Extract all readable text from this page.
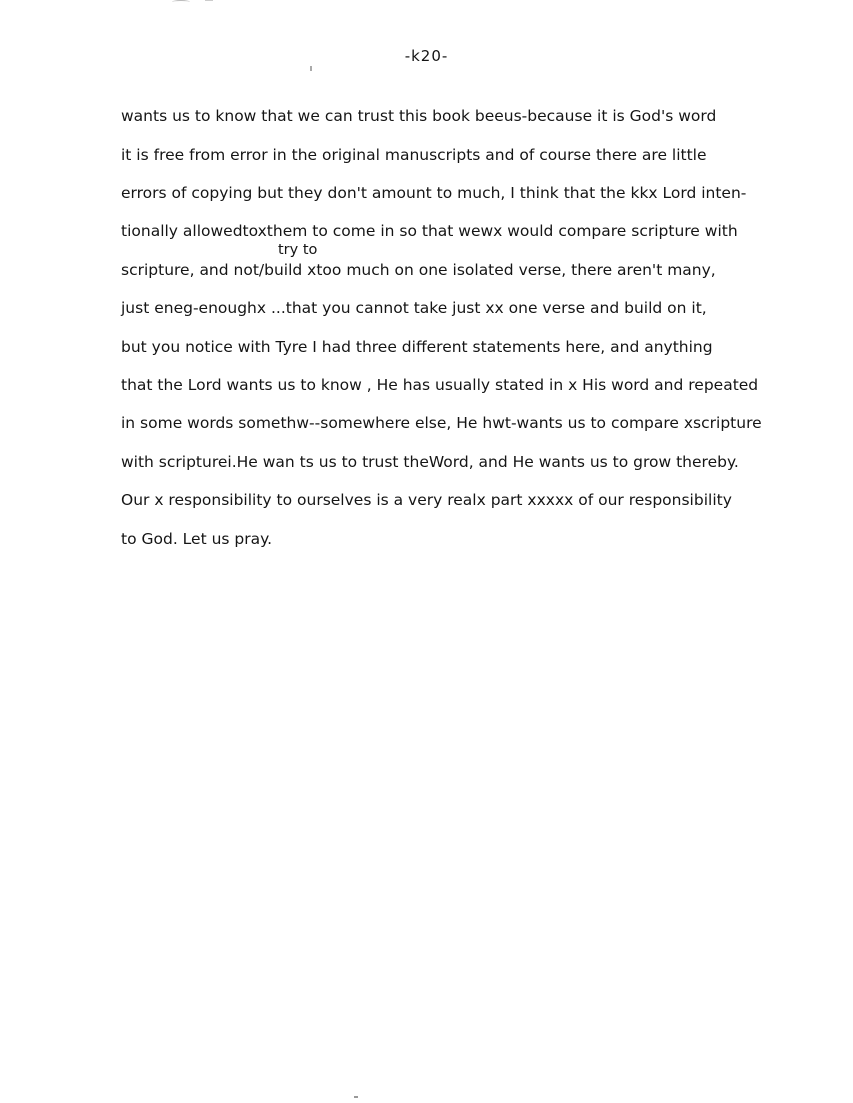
-k20-
try to
wants us to know that we can trust this book beeus-because it is God's word
it is free from error in the original manuscripts and of course there are little
errors of copying but they don't amount to much, I think that the kkx Lord inten-
tionally allowedtoxthem to come in so that wewx would compare scripture with
scripture, and not/build xtoo much on one isolated verse, there aren't many,
just eneg-enoughx ...that you cannot take just xx one verse and build on it,
but you notice with Tyre I had three different statements here, and anything
that the Lord wants us to know , He has usually stated in x His word and repeated
in some words somethw--somewhere else, He hwt-wants us to compare xscripture
with scripturei.He wan ts us to trust theWord, and He wants us to grow thereby.
Our x responsibility to ourselves is a very realx part xxxxx of our responsibility
to God. Let us pray.
